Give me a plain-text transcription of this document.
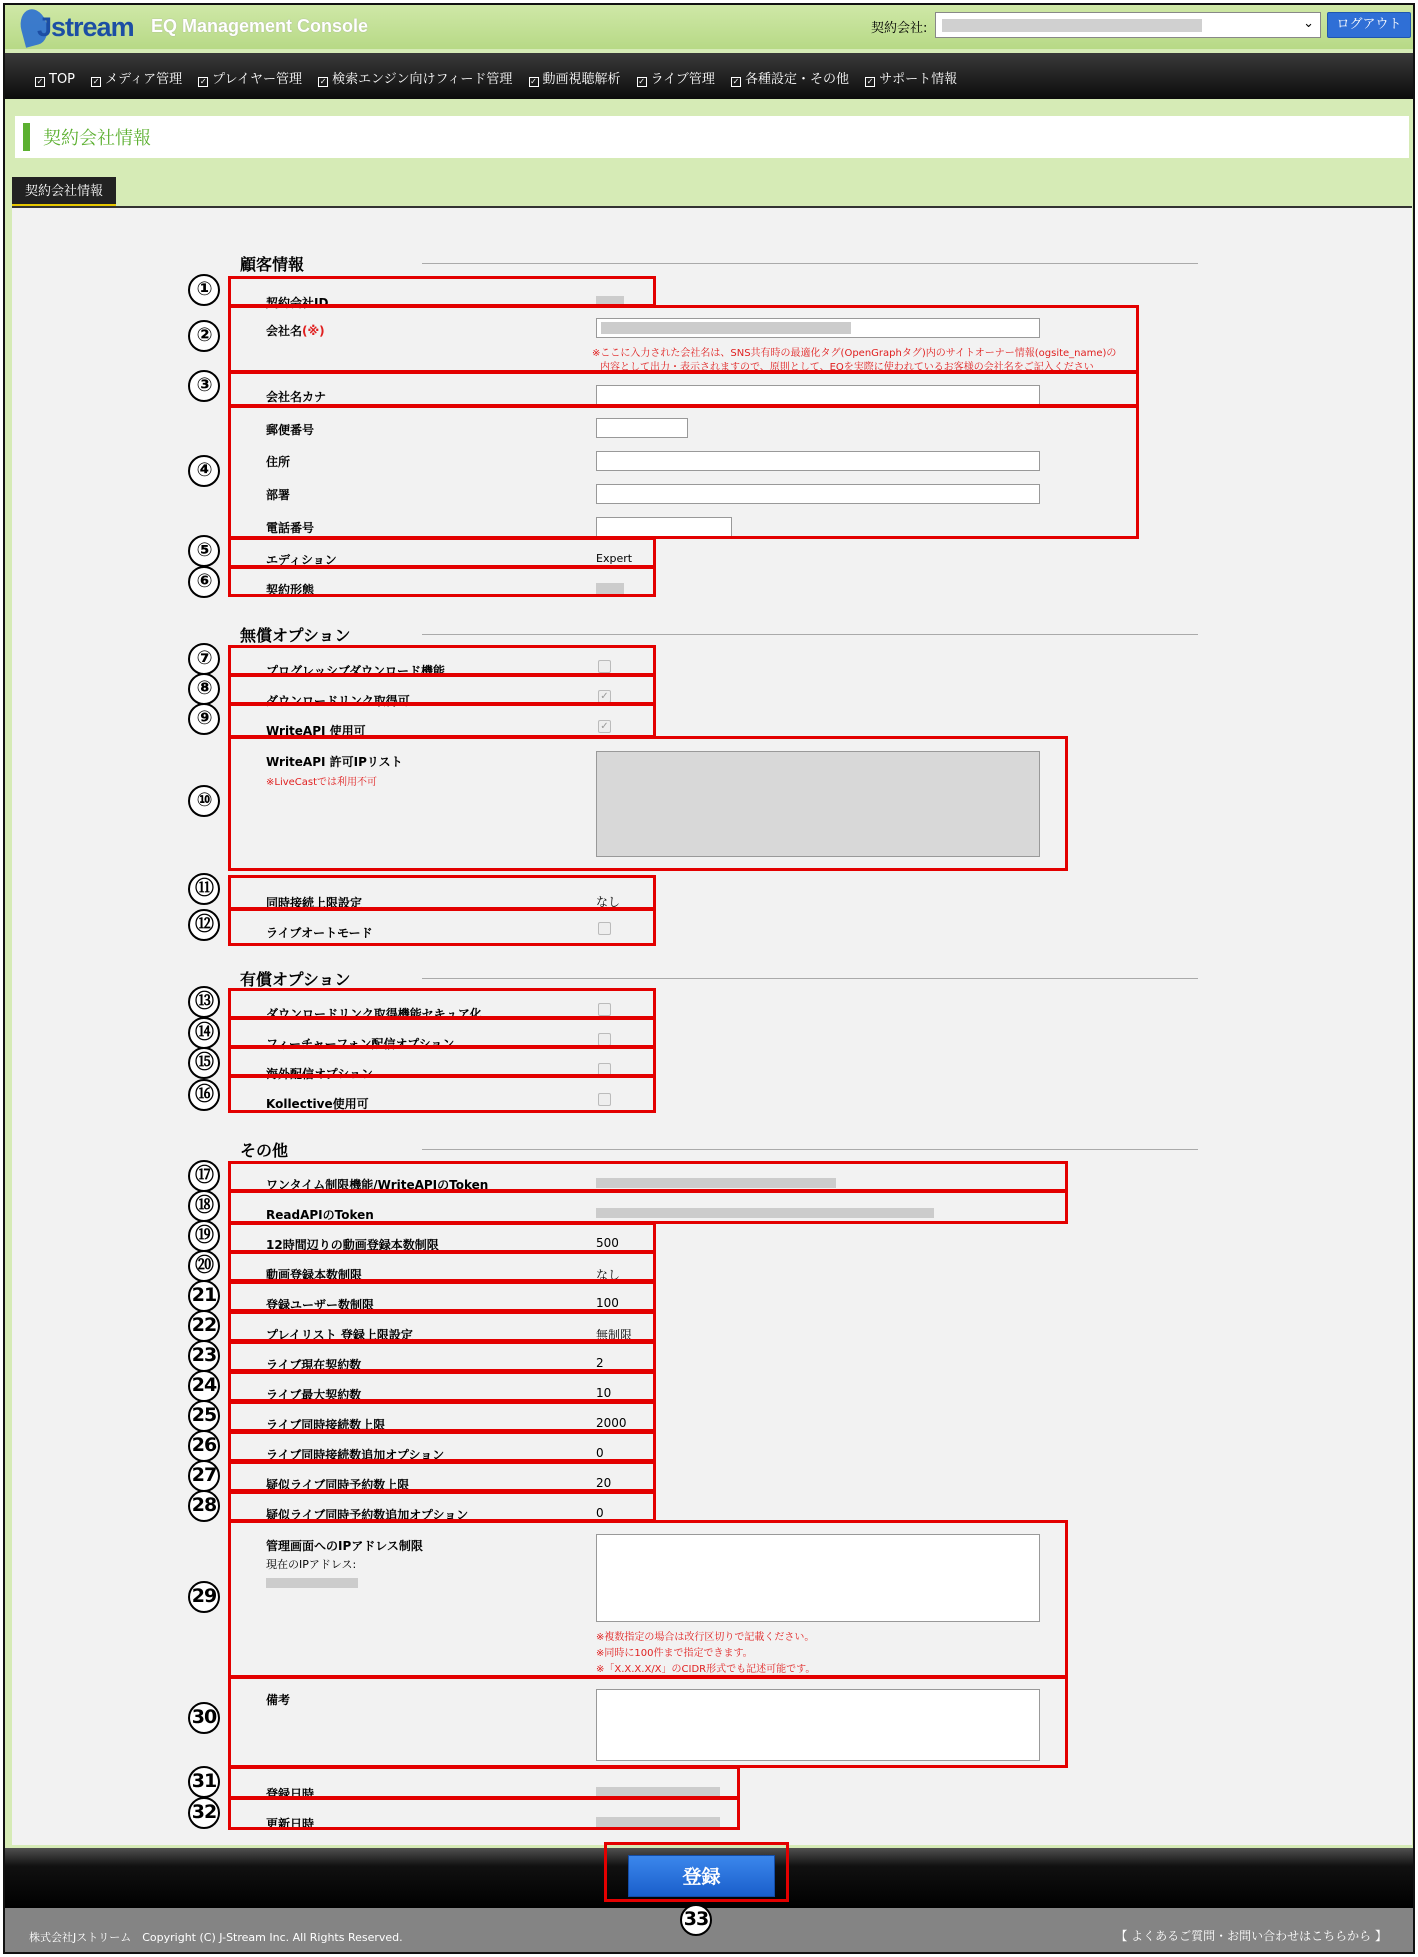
Jstream EQ Management Console	契約会社:	⌄	ログアウト
✓ TOP ✓ メディア管理 ✓ プレイヤー管理 ✓ 検索エンジン向けフィード管理 ✓ 動画視聴解析 ✓ ライブ管理 ✓ 各種設定・その他 ✓ サポート情報
契約会社情報
契約会社情報
顧客情報
契約会社ID
会社名(※)
※ここに入力された会社名は、SNS共有時の最適化タグ(OpenGraphタグ)内のサイトオーナー情報(ogsite_name)の
内容として出力・表示されますので、原則として、EQを実際に使われているお客様の会社名をご記入ください
会社名カナ
郵便番号
住所
部署
電話番号
エディション	Expert
契約形態
無償オプション
プログレッシブダウンロード機能
ダウンロードリンク取得可	✓
WriteAPI 使用可	✓
WriteAPI 許可IPリスト
※LiveCastでは利用不可
同時接続上限設定	なし
ライブオートモード
有償オプション
ダウンロードリンク取得機能セキュア化
フィーチャーフォン配信オプション
海外配信オプション
Kollective使用可
その他
ワンタイム制限機能/WriteAPIのToken
ReadAPIのToken
12時間辺りの動画登録本数制限	500
動画登録本数制限	なし
登録ユーザー数制限	100
プレイリスト 登録上限設定	無制限
ライブ現在契約数	2
ライブ最大契約数	10
ライブ同時接続数上限	2000
ライブ同時接続数追加オプション	0
疑似ライブ同時予約数上限	20
疑似ライブ同時予約数追加オプション	0
管理画面へのIPアドレス制限
現在のIPアドレス:
※複数指定の場合は改行区切りで記載ください。
※同時に100件まで指定できます。
※「X.X.X.X/X」のCIDR形式でも記述可能です。
備考
登録日時
更新日時
登録
株式会社Jストリーム　Copyright (C) J-Stream Inc. All Rights Reserved.	【 よくあるご質問・お問い合わせはこちらから 】
①
②
③
④
⑤
⑥
⑦
⑧
⑨
⑩
⑪
⑫
⑬
⑭
⑮
⑯
⑰
⑱
⑲
⑳
21
22
23
24
25
26
27
28
29
30
31
32
33
